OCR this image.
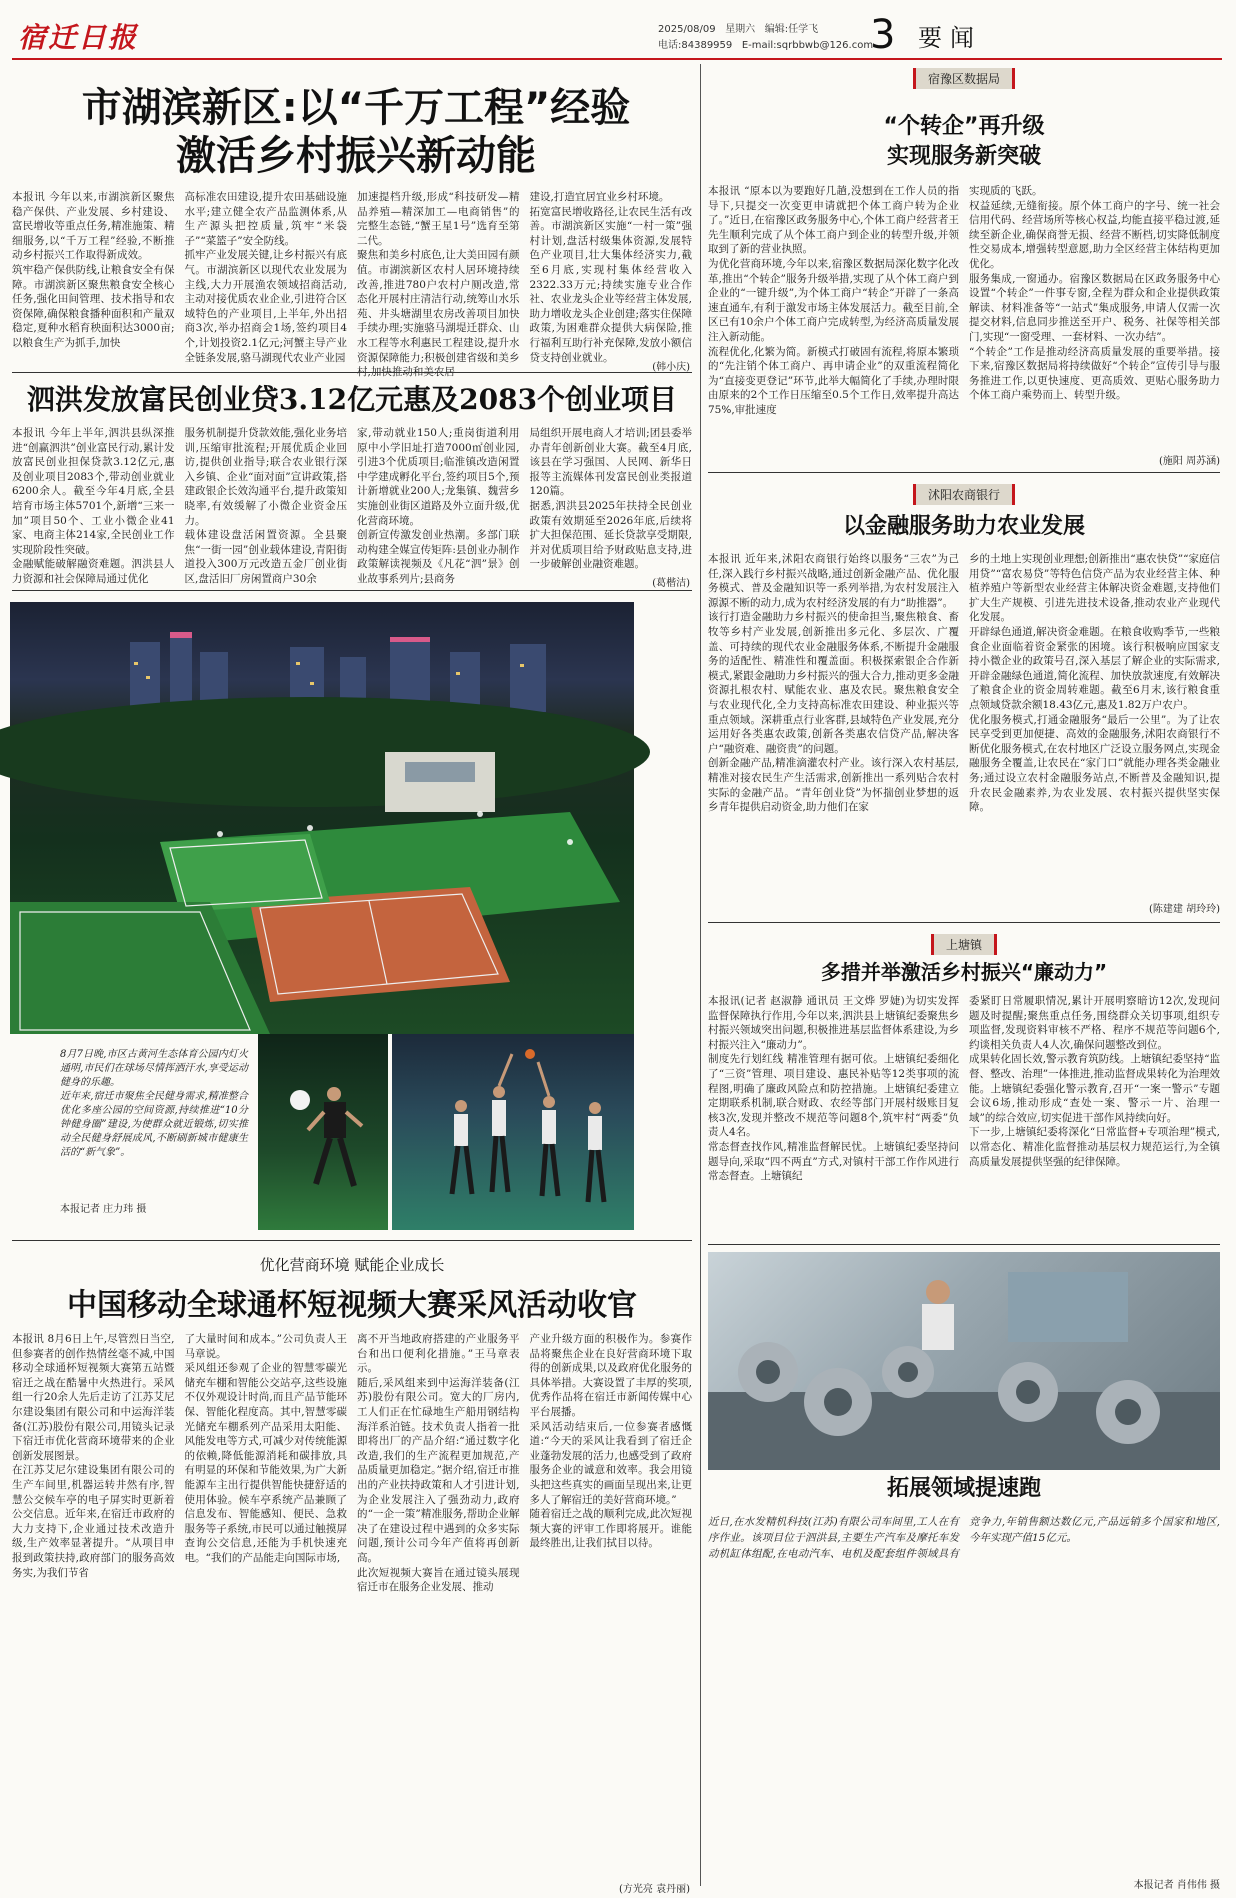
宿迁日报	2025/08/09 星期六 编辑:任学飞
电话:84389959 E-mail:sqrbbwb@126.com
3 要闻
市湖滨新区:以“千万工程”经验
激活乡村振兴新动能
本报讯 今年以来,市湖滨新区聚焦稳产保供、产业发展、乡村建设、富民增收等重点任务,精准施策、精细服务,以“千万工程”经验,不断推动乡村振兴工作取得新成效。
筑牢稳产保供防线,让粮食安全有保障。市湖滨新区聚焦粮食安全核心任务,强化田间管理、技术指导和农资保障,确保粮食播种面积和产量双稳定,夏种水稻育秧面积达3000亩;以粮食生产为抓手,加快
高标准农田建设,提升农田基础设施水平;建立健全农产品监测体系,从生产源头把控质量,筑牢“米袋子”“菜篮子”安全防线。
抓牢产业发展关键,让乡村振兴有底气。市湖滨新区以现代农业发展为主线,大力开展渔农领域招商活动,主动对接优质农业企业,引进符合区域特色的产业项目,上半年,外出招商3次,举办招商会1场,签约项目4个,计划投资2.1亿元;河蟹主导产业全链条发展,骆马湖现代农业产业园
加速提档升级,形成“科技研发—精品养殖—精深加工—电商销售”的完整生态链,“蟹王星1号”选育至第二代。
聚焦和美乡村底色,让大美田园有颜值。市湖滨新区农村人居环境持续改善,推进780户农村户厕改造,常态化开展村庄清洁行动,统筹山水乐苑、井头塘湖里农房改善项目加快手续办理;实施骆马湖堤迁群众、山水工程等水利惠民工程建设,提升水资源保障能力;积极创建省级和美乡村,加快推动和美农居
建设,打造宜居宜业乡村环境。
拓宽富民增收路径,让农民生活有改善。市湖滨新区实施“一村一策”强村计划,盘活村级集体资源,发展特色产业项目,壮大集体经济实力,截至6月底,实现村集体经营收入2322.33万元;持续实施专业合作社、农业龙头企业等经营主体发展,助力增收龙头企业创建;落实住保障政策,为困难群众提供大病保险,推行福利互助行补充保障,发放小额信贷支持创业就业。
(韩小庆)
泗洪发放富民创业贷3.12亿元惠及2083个创业项目
本报讯 今年上半年,泗洪县纵深推进“创赢泗洪”创业富民行动,累计发放富民创业担保贷款3.12亿元,惠及创业项目2083个,带动创业就业6200余人。截至今年4月底,全县培育市场主体5701个,新增“三来一加”项目50个、工业小微企业41家、电商主体214家,全民创业工作实现阶段性突破。
金融赋能破解融资难题。泗洪县人力资源和社会保障局通过优化
服务机制提升贷款效能,强化业务培训,压缩审批流程;开展优质企业回访,提供创业指导;联合农业银行深入乡镇、企业“面对面”宣讲政策,搭建政银企长效沟通平台,提升政策知晓率,有效缓解了小微企业资金压力。
载体建设盘活闲置资源。全县聚焦“一街一园”创业载体建设,青阳街道投入300万元改造五金厂创业街区,盘活旧厂房闲置商户30余
家,带动就业150人;重岗街道利用原中小学旧址打造7000㎡创业园,引进3个优质项目;临淮镇改造闲置中学建成孵化平台,签约项目5个,预计新增就业200人;龙集镇、魏营乡实施创业街区道路及外立面升级,优化营商环境。
创新宣传激发创业热潮。多部门联动构建全媒宣传矩阵:县创业办制作政策解读视频及《凡花“泗”景》创业故事系列片;县商务
局组织开展电商人才培训;团县委举办青年创新创业大赛。截至4月底,该县在学习强国、人民网、新华日报等主流媒体刊发富民创业类报道120篇。
据悉,泗洪县2025年扶持全民创业政策有效期延至2026年底,后续将扩大担保范围、延长贷款享受期限,并对优质项目给予财政贴息支持,进一步破解创业融资难题。
(葛楷洁)
8月7日晚,市区古黄河生态体育公园内灯火通明,市民们在球场尽情挥洒汗水,享受运动健身的乐趣。
近年来,宿迁市聚焦全民健身需求,精准整合优化多座公园的空间资源,持续推进“10分钟健身圈”建设,为使群众就近锻炼,切实推动全民健身舒展成风,不断刷新城市健康生活的“新气象”。
本报记者 庄力玮 摄
优化营商环境 赋能企业成长
中国移动全球通杯短视频大赛采风活动收官
本报讯 8月6日上午,尽管烈日当空,但参赛者的创作热情丝毫不减,中国移动全球通杯短视频大赛第五站暨宿迁之战在酷暑中火热进行。采风组一行20余人先后走访了江苏艾尼尔建设集团有限公司和中运海洋装备(江苏)股份有限公司,用镜头记录下宿迁市优化营商环境带来的企业创新发展图景。
在江苏艾尼尔建设集团有限公司的生产车间里,机器运转井然有序,智慧公交候车亭的电子屏实时更新着公交信息。近年来,在宿迁市政府的大力支持下,企业通过技术改造升级,生产效率显著提升。“从项目申报到政策扶持,政府部门的服务高效务实,为我们节省
了大量时间和成本。”公司负责人王马章说。
采风组还参观了企业的智慧零碳光储充车棚和智能公交站亭,这些设施不仅外观设计时尚,而且产品节能环保、智能化程度高。其中,智慧零碳光储充车棚系列产品采用太阳能、风能发电等方式,可减少对传统能源的依赖,降低能源消耗和碳排放,具有明显的环保和节能效果,为广大新能源车主出行提供智能快捷舒适的使用体验。候车亭系统产品兼顾了信息发布、智能感知、便民、急救服务等子系统,市民可以通过触摸屏查询公交信息,还能为手机快速充电。“我们的产品能走向国际市场,
离不开当地政府搭建的产业服务平台和出口便利化措施。”王马章表示。
随后,采风组来到中运海洋装备(江苏)股份有限公司。宽大的厂房内,工人们正在忙碌地生产船用钢结构海洋系泊链。技术负责人指着一批即将出厂的产品介绍:“通过数字化改造,我们的生产流程更加规范,产品质量更加稳定。”据介绍,宿迁市推出的产业扶持政策和人才引进计划,为企业发展注入了强劲动力,政府的“一企一策”精准服务,帮助企业解决了在建设过程中遇到的众多实际问题,预计公司今年产值将再创新高。
此次短视频大赛旨在通过镜头展现宿迁市在服务企业发展、推动
产业升级方面的积极作为。参赛作品将聚焦企业在良好营商环境下取得的创新成果,以及政府优化服务的具体举措。大赛设置了丰厚的奖项,优秀作品将在宿迁市新闻传媒中心平台展播。
采风活动结束后,一位参赛者感慨道:“今天的采风让我看到了宿迁企业蓬勃发展的活力,也感受到了政府服务企业的诚意和效率。我会用镜头把这些真实的画面呈现出来,让更多人了解宿迁的美好营商环境。”
随着宿迁之战的顺利完成,此次短视频大赛的评审工作即将展开。谁能最终胜出,让我们拭目以待。
(方光亮 袁丹丽)
宿豫区数据局
“个转企”再升级
实现服务新突破
本报讯 “原本以为要跑好几趟,没想到在工作人员的指导下,只提交一次变更申请就把个体工商户转为企业了。”近日,在宿豫区政务服务中心,个体工商户经营者王先生顺利完成了从个体工商户到企业的转型升级,并领取到了新的营业执照。
为优化营商环境,今年以来,宿豫区数据局深化数字化改革,推出“个转企”服务升级举措,实现了从个体工商户到企业的“一键升级”,为个体工商户“转企”开辟了一条高速直通车,有利于激发市场主体发展活力。截至目前,全区已有10余户个体工商户完成转型,为经济高质量发展注入新动能。
流程优化,化繁为简。新模式打破固有流程,将原本繁琐的“先注销个体工商户、再申请企业”的双重流程简化为“直接变更登记”环节,此举大幅简化了手续,办理时限由原来的2个工作日压缩至0.5个工作日,效率提升高达75%,审批速度
实现质的飞跃。
权益延续,无缝衔接。原个体工商户的字号、统一社会信用代码、经营场所等核心权益,均能直接平稳过渡,延续至新企业,确保商誉无损、经营不断档,切实降低制度性交易成本,增强转型意愿,助力全区经营主体结构更加优化。
服务集成,一窗通办。宿豫区数据局在区政务服务中心设置“个转企”一件事专窗,全程为群众和企业提供政策解读、材料准备等“一站式”集成服务,申请人仅需一次提交材料,信息同步推送至开户、税务、社保等相关部门,实现“一窗受理、一套材料、一次办结”。
“个转企”工作是推动经济高质量发展的重要举措。接下来,宿豫区数据局将持续做好“个转企”宣传引导与服务推进工作,以更快速度、更高质效、更贴心服务助力个体工商户乘势而上、转型升级。
(施阳 周苏涵)
沭阳农商银行
以金融服务助力农业发展
本报讯 近年来,沭阳农商银行始终以服务“三农”为己任,深入践行乡村振兴战略,通过创新金融产品、优化服务模式、普及金融知识等一系列举措,为农村发展注入源源不断的动力,成为农村经济发展的有力“助推器”。
该行打造金融助力乡村振兴的使命担当,聚焦粮食、畜牧等乡村产业发展,创新推出多元化、多层次、广覆盖、可持续的现代农业金融服务体系,不断提升金融服务的适配性、精准性和覆盖面。积极探索银企合作新模式,紧跟金融助力乡村振兴的强大合力,推动更多金融资源扎根农村、赋能农业、惠及农民。聚焦粮食安全与农业现代化,全力支持高标准农田建设、种业振兴等重点领域。深耕重点行业客群,县域特色产业发展,充分运用好各类惠农政策,创新各类惠农信贷产品,解决客户“融资难、融资贵”的问题。
创新金融产品,精准滴灌农村产业。该行深入农村基层,精准对接农民生产生活需求,创新推出一系列贴合农村实际的金融产品。“青年创业贷”为怀揣创业梦想的返乡青年提供启动资金,助力他们在家
乡的土地上实现创业理想;创新推出“惠农快贷”“家庭信用贷”“富农易贷”等特色信贷产品为农业经营主体、种植养殖户等新型农业经营主体解决资金难题,支持他们扩大生产规模、引进先进技术设备,推动农业产业现代化发展。
开辟绿色通道,解决资金难题。在粮食收购季节,一些粮食企业面临着资金紧张的困境。该行积极响应国家支持小微企业的政策号召,深入基层了解企业的实际需求,开辟金融绿色通道,简化流程、加快放款速度,有效解决了粮食企业的资金周转难题。截至6月末,该行粮食重点领域贷款余额18.43亿元,惠及1.82万户农户。
优化服务模式,打通金融服务“最后一公里”。为了让农民享受到更加便捷、高效的金融服务,沭阳农商银行不断优化服务模式,在农村地区广泛设立服务网点,实现金融服务全覆盖,让农民在“家门口”就能办理各类金融业务;通过设立农村金融服务站点,不断普及金融知识,提升农民金融素养,为农业发展、农村振兴提供坚实保障。
(陈建建 胡玲玲)
上塘镇
多措并举激活乡村振兴“廉动力”
本报讯(记者 赵淑静 通讯员 王文烨 罗婕)为切实发挥监督保障执行作用,今年以来,泗洪县上塘镇纪委聚焦乡村振兴领域突出问题,积极推进基层监督体系建设,为乡村振兴注入“廉动力”。
制度先行划红线 精准管理有据可依。上塘镇纪委细化了“三资”管理、项目建设、惠民补贴等12类事项的流程图,明确了廉政风险点和防控措施。上塘镇纪委建立定期联系机制,联合财政、农经等部门开展村级账目复核3次,发现并整改不规范等问题8个,筑牢村“两委”负责人4名。
常态督查找作风,精准监督解民忧。上塘镇纪委坚持问题导向,采取“四不两直”方式,对镇村干部工作作风进行常态督查。上塘镇纪
委紧盯日常履职情况,累计开展明察暗访12次,发现问题及时提醒;聚焦重点任务,围绕群众关切事项,组织专项监督,发现资料审核不严格、程序不规范等问题6个,约谈相关负责人4人次,确保问题整改到位。
成果转化固长效,警示教育筑防线。上塘镇纪委坚持“监督、整改、治理”一体推进,推动监督成果转化为治理效能。上塘镇纪委强化警示教育,召开“一案一警示”专题会议6场,推动形成“查处一案、警示一片、治理一域”的综合效应,切实促进干部作风持续向好。
下一步,上塘镇纪委将深化“日常监督+专项治理”模式,以常态化、精准化监督推动基层权力规范运行,为全镇高质量发展提供坚强的纪律保障。
拓展领域提速跑
近日,在水发精机科技(江苏)有限公司车间里,工人在有序作业。该项目位于泗洪县,主要生产汽车及摩托车发动机缸体组配,在电动汽车、电机及配套组件领域具有竞争力,年销售额达数亿元,产品远销多个国家和地区,今年实现产值15亿元。
本报记者 肖伟伟 摄
